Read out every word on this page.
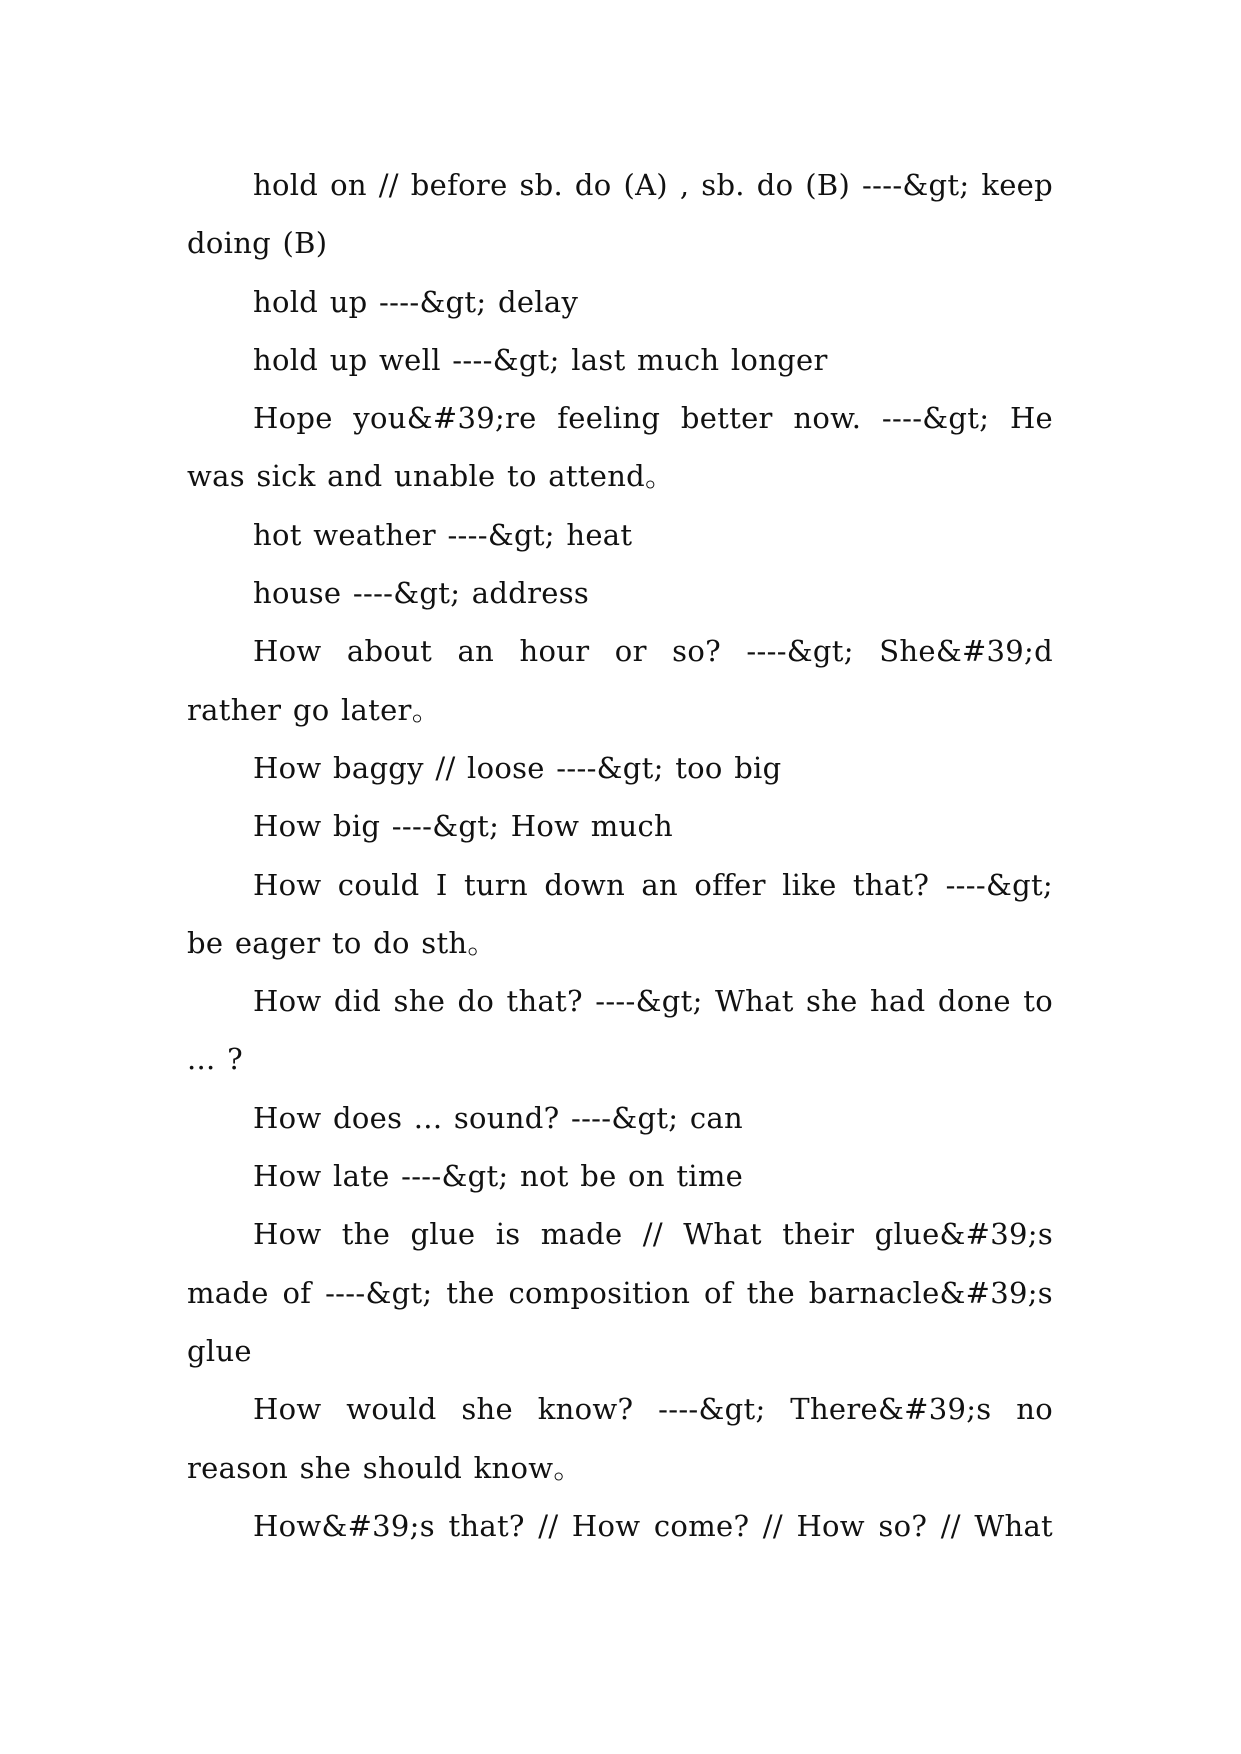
hold on // before sb. do (A) , sb. do (B) ----&gt; keep doing (B)

hold up ----&gt; delay

hold up well ----&gt; last much longer

Hope you&#39;re feeling better now. ----&gt; He was sick and unable to attend。

hot weather ----&gt; heat

house ----&gt; address

How about an hour or so? ----&gt; She&#39;d rather go later。

How baggy // loose ----&gt; too big

How big ----&gt; How much

How could I turn down an offer like that? ----&gt; be eager to do sth。

How did she do that? ----&gt; What she had done to ... ?

How does ... sound? ----&gt; can

How late ----&gt; not be on time

How the glue is made // What their glue&#39;s made of ----&gt; the composition of the barnacle&#39;s glue

How would she know? ----&gt; There&#39;s no reason she should know。

How&#39;s that? // How come? // How so? // What
